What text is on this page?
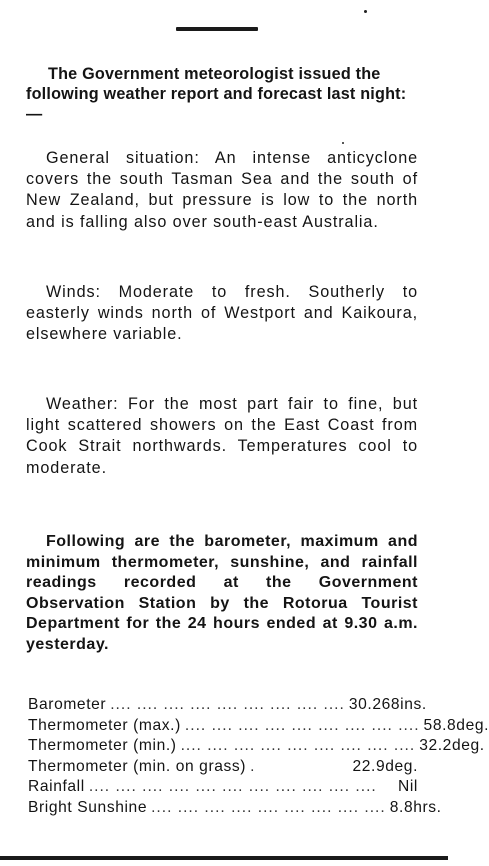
The Government meteorologist issued the following weather report and forecast last night:—
General situation: An intense anticyclone covers the south Tasman Sea and the south of New Zealand, but pressure is low to the north and is falling also over south-east Australia.
Winds: Moderate to fresh. Southerly to easterly winds north of Westport and Kaikoura, elsewhere variable.
Weather: For the most part fair to fine, but light scattered showers on the East Coast from Cook Strait northwards. Temperatures cool to moderate.
Following are the barometer, maximum and minimum thermometer, sunshine, and rainfall readings recorded at the Government Observation Station by the Rotorua Tourist Department for the 24 hours ended at 9.30 a.m. yesterday.
Barometer .... .... .... .... .... .... .... .... .... 30.268ins.
Thermometer (max.) .... .... .... .... .... .... .... .... .... 58.8deg.
Thermometer (min.) .... .... .... .... .... .... .... .... .... 32.2deg.
Thermometer (min. on grass) .	22.9deg.
Rainfall .... .... .... .... .... .... .... .... .... .... ....	Nil
Bright Sunshine .... .... .... .... .... .... .... .... .... 8.8hrs.
